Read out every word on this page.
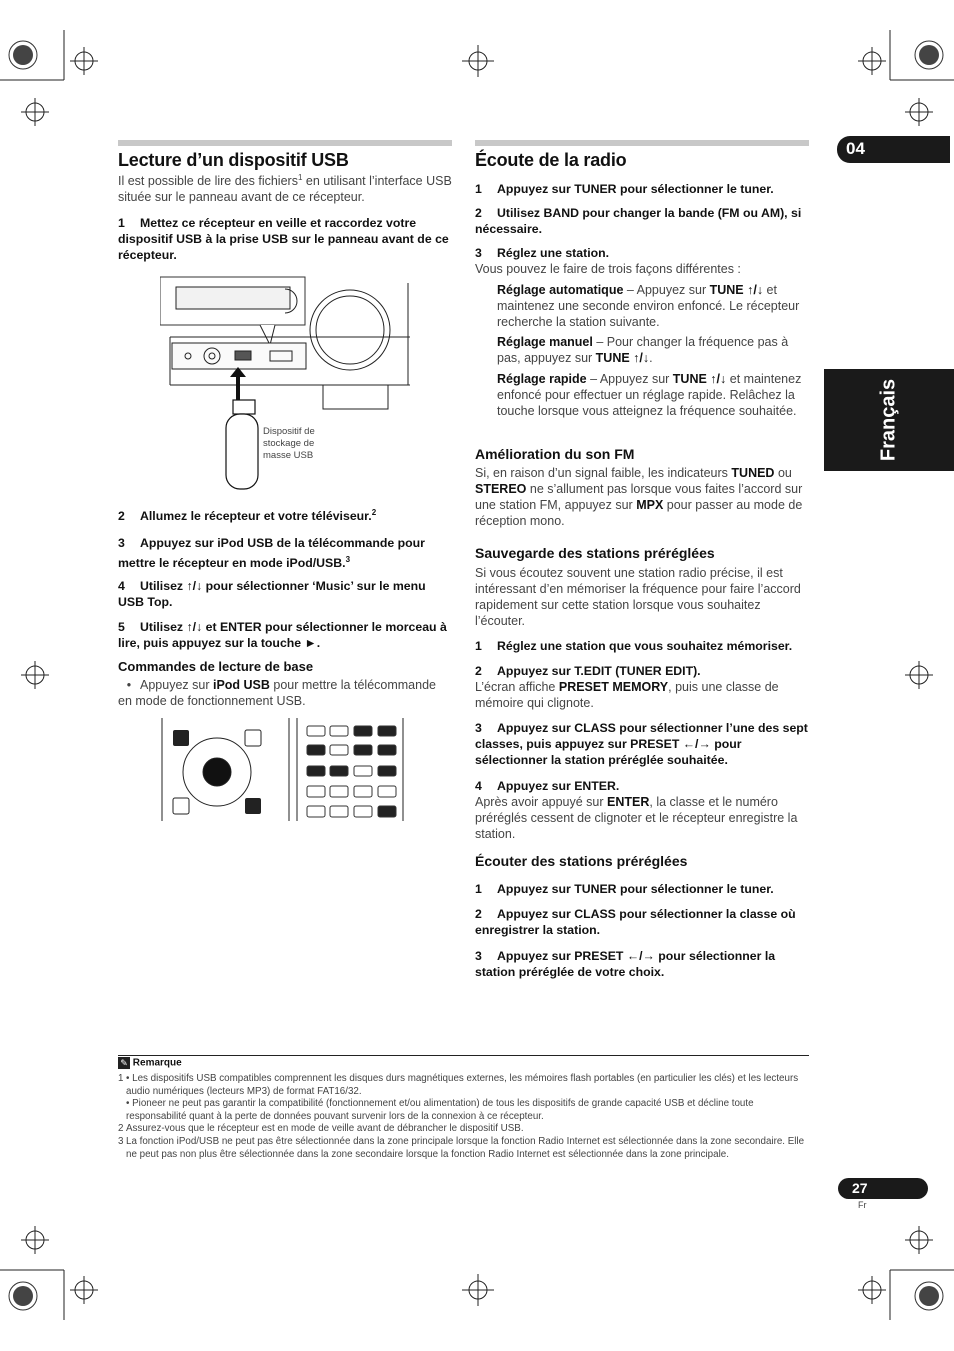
04
Français
Lecture d’un dispositif USB

Il est possible de lire des fichiers$^1$ en utilisant l’interface USB située sur le panneau avant de ce récepteur.

1 Mettez ce récepteur en veille et raccordez votre dispositif USB à la prise USB sur le panneau avant de ce récepteur.

Dispositif de stockage de masse USB

2 Allumez le récepteur et votre téléviseur.$^2$

3 Appuyez sur iPod USB de la télécommande pour mettre le récepteur en mode iPod/USB.$^3$

4 Utilisez ↑/↓ pour sélectionner ‘Music’ sur le menu USB Top.

5 Utilisez ↑/↓ et ENTER pour sélectionner le morceau à lire, puis appuyez sur la touche ►.

Commandes de lecture de base

• Appuyez sur iPod USB pour mettre la télécommande en mode de fonctionnement USB.

Écoute de la radio

1 Appuyez sur TUNER pour sélectionner le tuner.

2 Utilisez BAND pour changer la bande (FM ou AM), si nécessaire.

3 Réglez une station.

Vous pouvez le faire de trois façons différentes :

Réglage automatique – Appuyez sur TUNE ↑/↓ et maintenez une seconde environ enfoncé. Le récepteur recherche la station suivante.

Réglage manuel – Pour changer la fréquence pas à pas, appuyez sur TUNE ↑/↓.

Réglage rapide – Appuyez sur TUNE ↑/↓ et maintenez enfoncé pour effectuer un réglage rapide. Relâchez la touche lorsque vous atteignez la fréquence souhaitée.

Amélioration du son FM

Si, en raison d’un signal faible, les indicateurs TUNED ou STEREO ne s’allument pas lorsque vous faites l’accord sur une station FM, appuyez sur MPX pour passer au mode de réception mono.

Sauvegarde des stations préréglées

Si vous écoutez souvent une station radio précise, il est intéressant d’en mémoriser la fréquence pour faire l’accord rapidement sur cette station lorsque vous souhaitez l’écouter.

1 Réglez une station que vous souhaitez mémoriser.

2 Appuyez sur T.EDIT (TUNER EDIT).

L’écran affiche PRESET MEMORY, puis une classe de mémoire qui clignote.

3 Appuyez sur CLASS pour sélectionner l’une des sept classes, puis appuyez sur PRESET ←/→ pour sélectionner la station préréglée souhaitée.

4 Appuyez sur ENTER.

Après avoir appuyé sur ENTER, la classe et le numéro préréglés cessent de clignoter et le récepteur enregistre la station.

Écouter des stations préréglées

1 Appuyez sur TUNER pour sélectionner le tuner.

2 Appuyez sur CLASS pour sélectionner la classe où enregistrer la station.

3 Appuyez sur PRESET ←/→ pour sélectionner la station préréglée de votre choix.

✎ Remarque
1 • Les dispositifs USB compatibles comprennent les disques durs magnétiques externes, les mémoires flash portables (en particulier les clés) et les lecteurs audio numériques (lecteurs MP3) de format FAT16/32.
• Pioneer ne peut pas garantir la compatibilité (fonctionnement et/ou alimentation) de tous les dispositifs de grande capacité USB et décline toute responsabilité quant à la perte de données pouvant survenir lors de la connexion à ce récepteur.
2 Assurez-vous que le récepteur est en mode de veille avant de débrancher le dispositif USB.
3 La fonction iPod/USB ne peut pas être sélectionnée dans la zone principale lorsque la fonction Radio Internet est sélectionnée dans la zone secondaire. Elle ne peut pas non plus être sélectionnée dans la zone secondaire lorsque la fonction Radio Internet est sélectionnée dans la zone principale.
27
Fr
